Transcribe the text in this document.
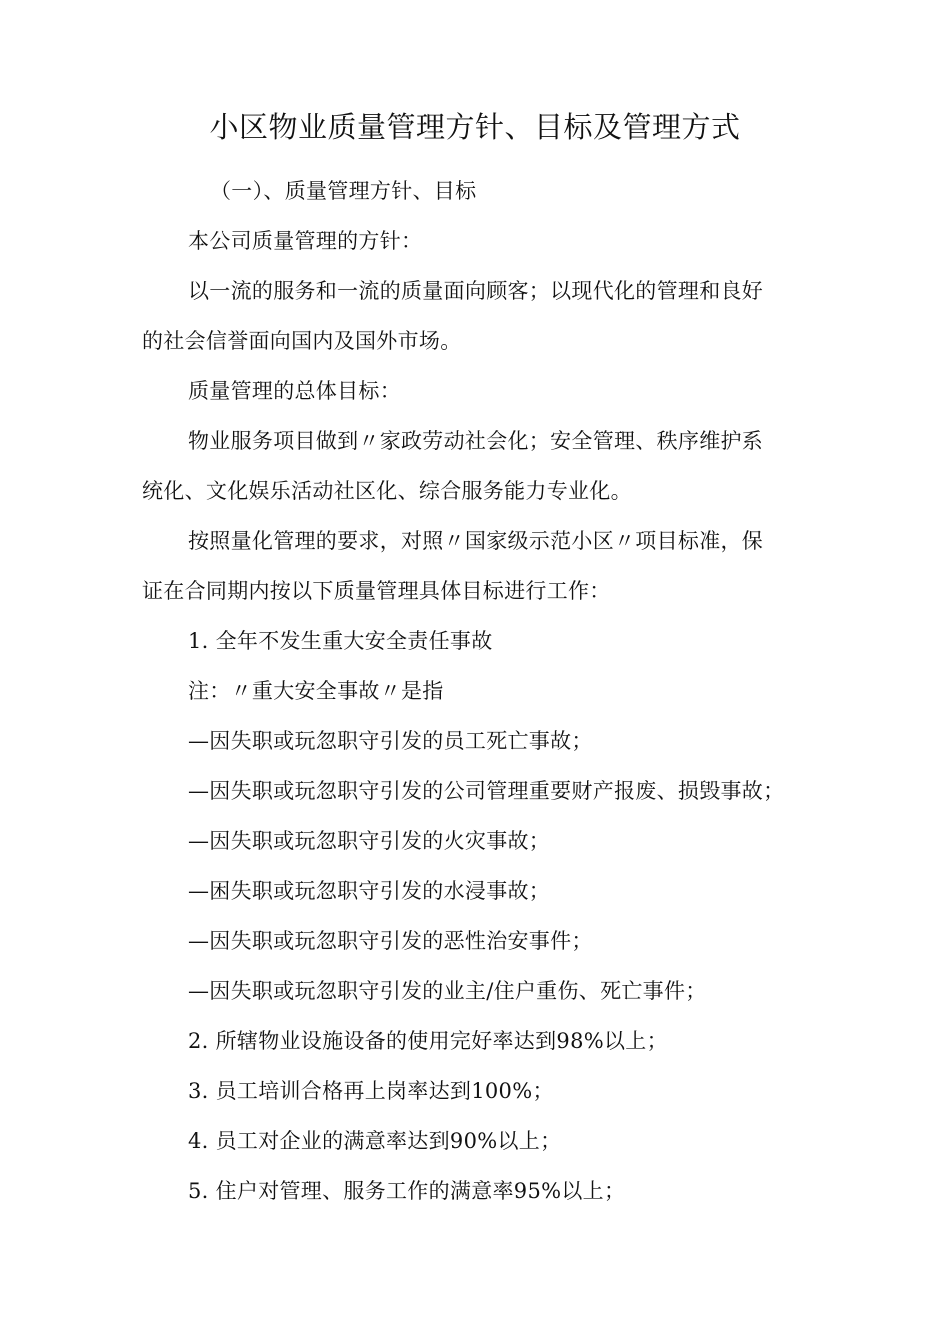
小区物业质量管理方针、目标及管理方式
（一）、质量管理方针、目标
本公司质量管理的方针：
以一流的服务和一流的质量面向顾客；以现代化的管理和良好
的社会信誉面向国内及国外市场。
质量管理的总体目标：
物业服务项目做到〃家政劳动社会化；安全管理、秩序维护系
统化、文化娱乐活动社区化、综合服务能力专业化。
按照量化管理的要求，对照〃国家级示范小区〃项目标准，保
证在合同期内按以下质量管理具体目标进行工作：
1. 全年不发生重大安全责任事故
注：〃重大安全事故〃是指
—因失职或玩忽职守引发的员工死亡事故；
—因失职或玩忽职守引发的公司管理重要财产报废、损毁事故；
—因失职或玩忽职守引发的火灾事故；
—困失职或玩忽职守引发的水浸事故；
—因失职或玩忽职守引发的恶性治安事件；
—因失职或玩忽职守引发的业主/住户重伤、死亡事件；
2. 所辖物业设施设备的使用完好率达到98%以上；
3. 员工培训合格再上岗率达到100%；
4. 员工对企业的满意率达到90%以上；
5. 住户对管理、服务工作的满意率95%以上；
